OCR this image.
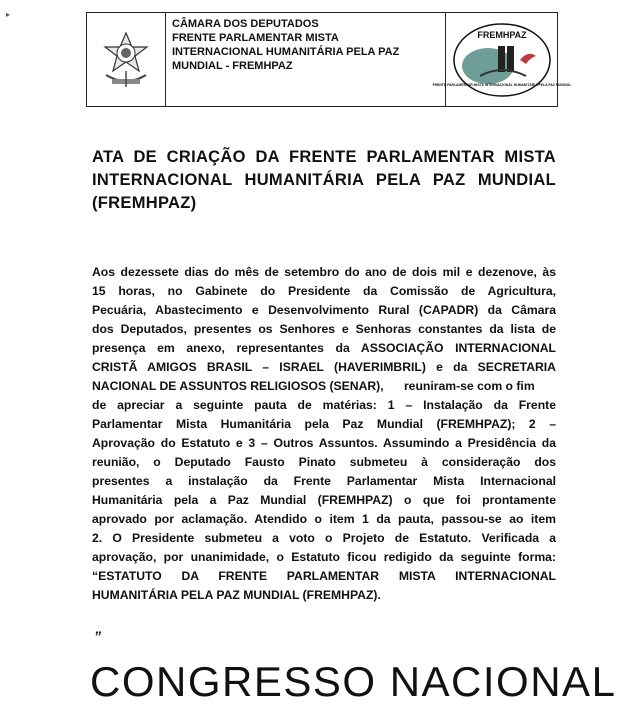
▸
CÂMARA DOS DEPUTADOS
FRENTE PARLAMENTAR MISTA
INTERNACIONAL HUMANITÁRIA PELA PAZ
MUNDIAL - FREMHPAZ
FREMHPAZ
FRENTE PARLAMENTAR MISTA INTERNACIONAL HUMANITÁRIA PELA PAZ MUNDIAL
ATA DE CRIAÇÃO DA FRENTE PARLAMENTAR MISTA
INTERNACIONAL HUMANITÁRIA PELA PAZ MUNDIAL
(FREMHPAZ)
Aos dezessete dias do mês de setembro do ano de dois mil e dezenove, às
15 horas, no Gabinete do Presidente da Comissão de Agricultura,
Pecuária, Abastecimento e Desenvolvimento Rural (CAPADR) da Câmara
dos Deputados, presentes os Senhores e Senhoras constantes da lista de
presença em anexo, representantes da ASSOCIAÇÃO INTERNACIONAL
CRISTÃ AMIGOS BRASIL – ISRAEL (HAVERIMBRIL) e da SECRETARIA
NACIONAL DE ASSUNTOS RELIGIOSOS (SENAR),      reuniram-se com o fim
de apreciar a seguinte pauta de matérias: 1 – Instalação da Frente
Parlamentar Mista Humanitária pela Paz Mundial (FREMHPAZ); 2 –
Aprovação do Estatuto e 3 – Outros Assuntos. Assumindo a Presidência da
reunião, o Deputado Fausto Pinato submeteu à consideração dos
presentes a instalação da Frente Parlamentar Mista Internacional
Humanitária pela a Paz Mundial (FREMHPAZ) o que foi prontamente
aprovado por aclamação. Atendido o item 1 da pauta, passou-se ao item
2. O Presidente submeteu a voto o Projeto de Estatuto. Verificada a
aprovação, por unanimidade, o Estatuto ficou redigido da seguinte forma:
“ESTATUTO DA FRENTE PARLAMENTAR MISTA INTERNACIONAL
HUMANITÁRIA PELA PAZ MUNDIAL (FREMHPAZ).
”
CONGRESSO NACIONAL
